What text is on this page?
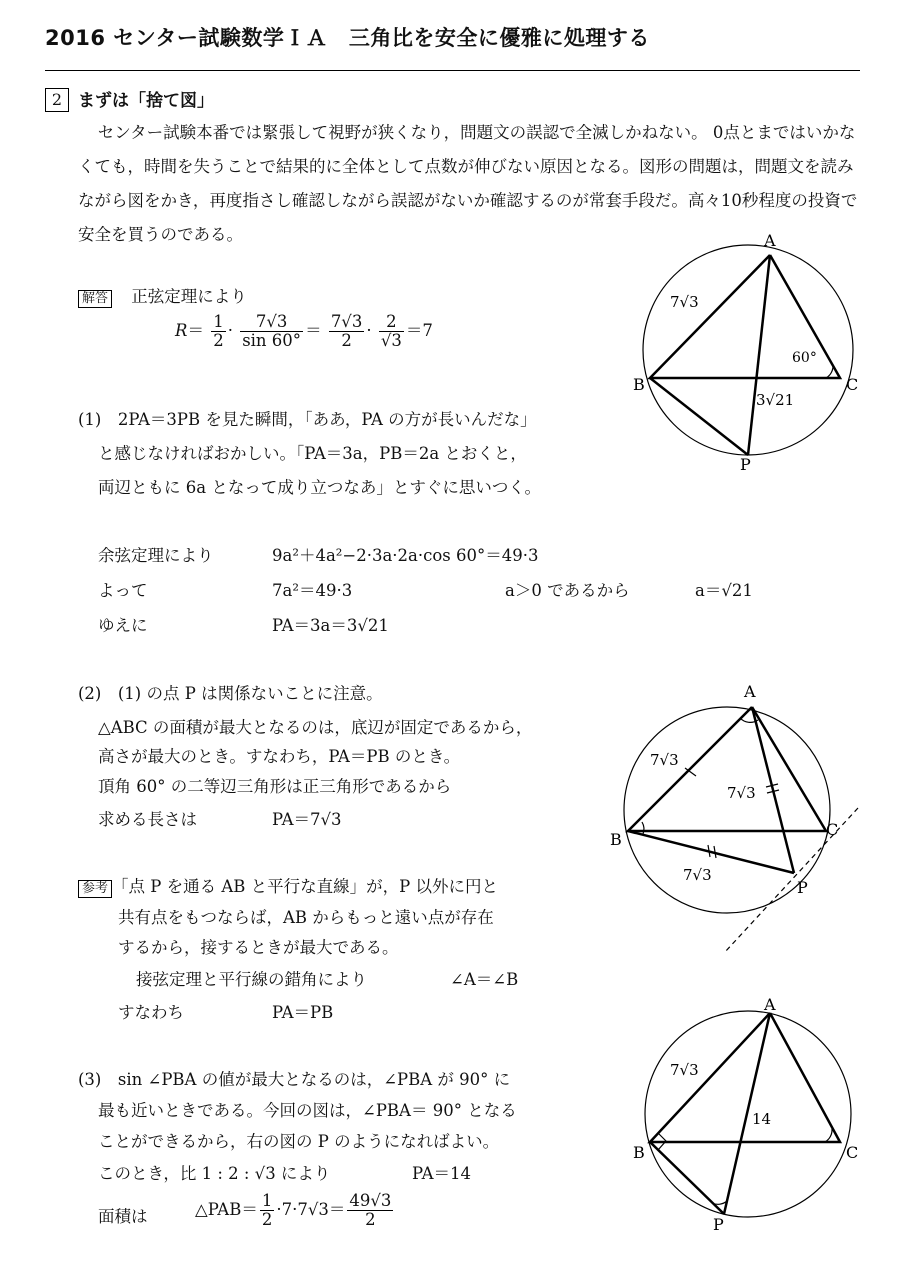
2016 センター試験数学ＩＡ　三角比を安全に優雅に処理する
2 まずは「捨て図」
センター試験本番では緊張して視野が狭くなり，問題文の誤認で全滅しかねない。 0点とまではいかなくても，時間を失うことで結果的に全体として点数が伸びない原因となる。図形の問題は，問題文を読みながら図をかき，再度指さし確認しながら誤認がないか確認するのが常套手段だ。高々10秒程度の投資で安全を買うのである。
解答 正弦定理により
$R= \frac{1}{2} \cdot \frac{7√3}{\sin 60^\circ} = \frac{7√3}{2} \cdot \frac{2}{√3} =7$
(1)　2PA＝3PB を見た瞬間，「ああ，PA の方が長いんだな」
と感じなければおかしい。「PA＝3a，PB＝2a とおくと，
両辺ともに 6a となって成り立つなあ」とすぐに思いつく。
余弦定理により	9a²＋4a²−2·3a·2a·cos 60°＝49·3
よって	7a²＝49·3	a＞0 であるから	a＝√21
ゆえに	PA＝3a＝3√21
(2)　(1) の点 P は関係ないことに注意。
△ABC の面積が最大となるのは，底辺が固定であるから，
高さが最大のとき。すなわち，PA＝PB のとき。
頂角 60° の二等辺三角形は正三角形であるから
求める長さは	PA＝7√3
参考 「点 P を通る AB と平行な直線」が，P 以外に円と
共有点をもつならば，AB からもっと遠い点が存在
するから，接するときが最大である。
接弦定理と平行線の錯角により	∠A＝∠B
すなわち	PA＝PB
(3)　sin ∠PBA の値が最大となるのは，∠PBA が 90° に
最も近いときである。今回の図は，∠PBA＝ 90° となる
ことができるから，右の図の P のようになればよい。
このとき，比 1 : 2 : √3 により	PA＝14
面積は	△PAB＝ $\frac{1}{2} \cdot 7\cdot 7√3= \frac{49√3}{2}$
A
B	C
P
7√3
60°
3√21
A
B
C
P
7√3
7√3
7√3
A
B	C
P
7√3
14
